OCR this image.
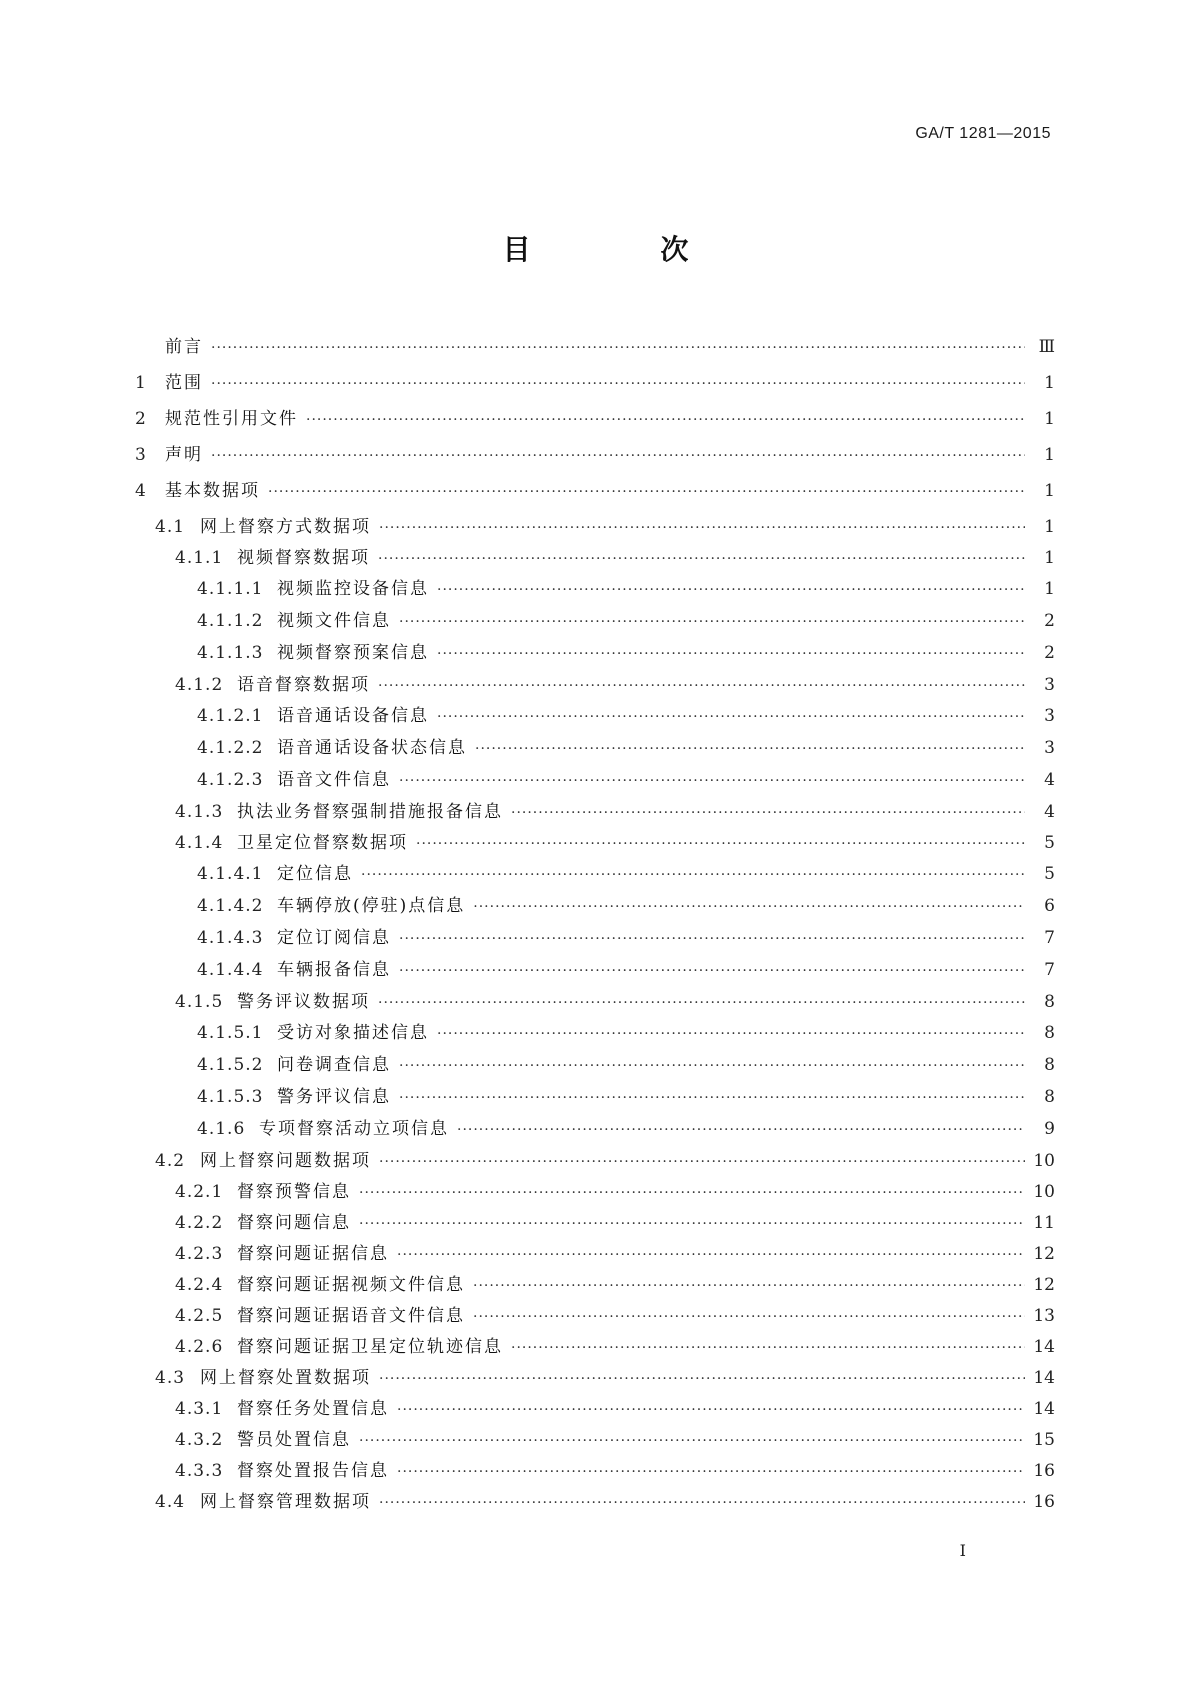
GA/T 1281—2015
目 次
前言 ·····	Ⅲ
1	范围 ·····	1
2	规范性引用文件 ·····	1
3	声明 ·····	1
4	基本数据项 ·····	1
4.1 网上督察方式数据项 ·····	1
4.1.1 视频督察数据项 ·····	1
4.1.1.1 视频监控设备信息 ·····	1
4.1.1.2 视频文件信息 ·····	2
4.1.1.3 视频督察预案信息 ·····	2
4.1.2 语音督察数据项 ·····	3
4.1.2.1 语音通话设备信息 ·····	3
4.1.2.2 语音通话设备状态信息 ·····	3
4.1.2.3 语音文件信息 ·····	4
4.1.3 执法业务督察强制措施报备信息 ·····	4
4.1.4 卫星定位督察数据项 ·····	5
4.1.4.1 定位信息 ·····	5
4.1.4.2 车辆停放(停驻)点信息 ·····	6
4.1.4.3 定位订阅信息 ·····	7
4.1.4.4 车辆报备信息 ·····	7
4.1.5 警务评议数据项 ·····	8
4.1.5.1 受访对象描述信息 ·····	8
4.1.5.2 问卷调查信息 ·····	8
4.1.5.3 警务评议信息 ·····	8
4.1.6 专项督察活动立项信息 ·····	9
4.2 网上督察问题数据项 ·····	10
4.2.1 督察预警信息 ·····	10
4.2.2 督察问题信息 ·····	11
4.2.3 督察问题证据信息 ·····	12
4.2.4 督察问题证据视频文件信息 ·····	12
4.2.5 督察问题证据语音文件信息 ·····	13
4.2.6 督察问题证据卫星定位轨迹信息 ·····	14
4.3 网上督察处置数据项 ·····	14
4.3.1 督察任务处置信息 ·····	14
4.3.2 警员处置信息 ·····	15
4.3.3 督察处置报告信息 ·····	16
4.4 网上督察管理数据项 ·····	16
I
